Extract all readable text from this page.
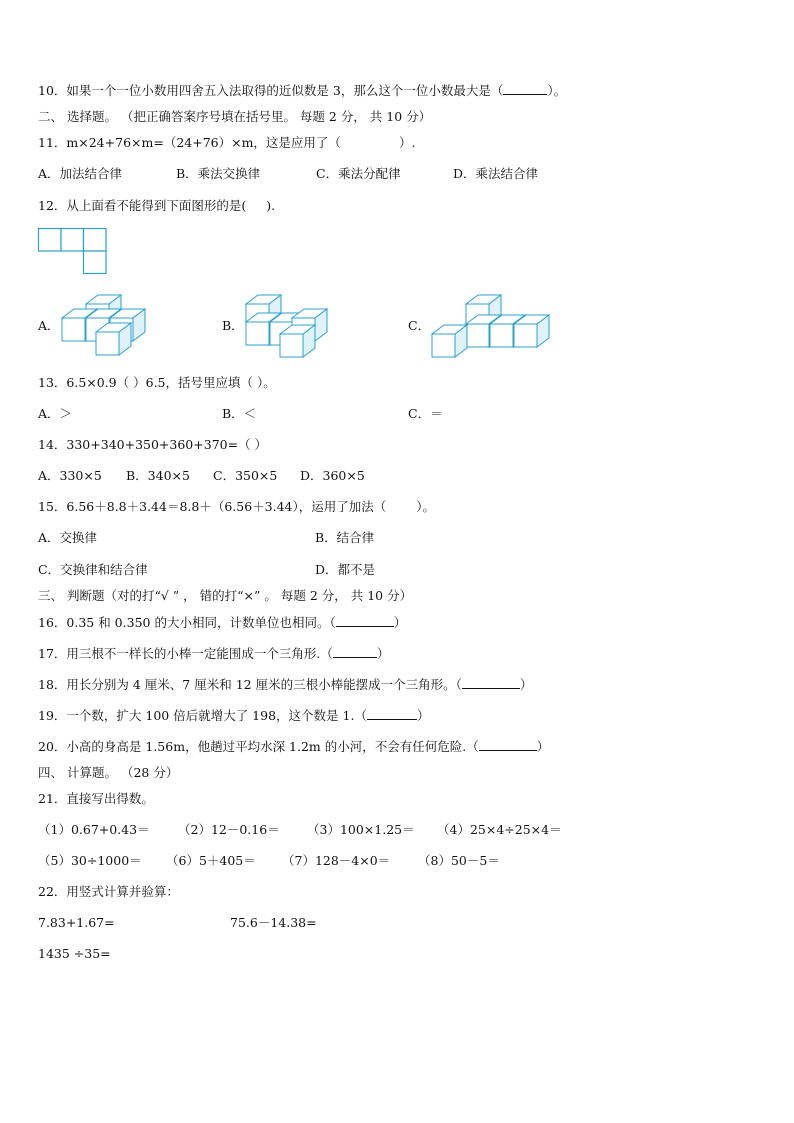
10．如果一个一位小数用四舍五入法取得的近似数是 3，那么这个一位小数最大是（	）。
二、 选择题。 （把正确答案序号填在括号里。 每题 2 分， 共 10 分）
11．m×24+76×m=（24+76）×m，这是应用了（	）.
A．加法结合律	B．乘法交换律	C．乘法分配律	D．乘法结合律
12．从上面看不能得到下面图形的是( ).
A．	B．	C．
13．6.5×0.9（ ）6.5，括号里应填（ ）。
A．＞	B．＜	C．＝
14．330+340+350+360+370=（ ）
A．330×5 B．340×5 C．350×5 D．360×5
15．6.56＋8.8＋3.44＝8.8＋（6.56＋3.44），运用了加法（ ）。
A．交换律	B．结合律
C．交换律和结合律	D．都不是
三、 判断题（对的打“√ ” ， 错的打“×” 。 每题 2 分， 共 10 分）
16．0.35 和 0.350 的大小相同，计数单位也相同。（	）
17．用三根不一样长的小棒一定能围成一个三角形.（	）
18．用长分别为 4 厘米、7 厘米和 12 厘米的三根小棒能摆成一个三角形。（	）
19．一个数，扩大 100 倍后就增大了 198，这个数是 1.（	）
20．小高的身高是 1.56m，他趟过平均水深 1.2m 的小河，不会有任何危险.（	）
四、 计算题。 （28 分）
21．直接写出得数。
（1）0.67+0.43＝ （2）12－0.16＝ （3）100×1.25＝ （4）25×4÷25×4＝
（5）30÷1000＝ （6）5＋405＝ （7）128－4×0＝ （8）50－5＝
22．用竖式计算并验算：
7.83+1.67=	75.6－14.38=
1435 ÷35=
